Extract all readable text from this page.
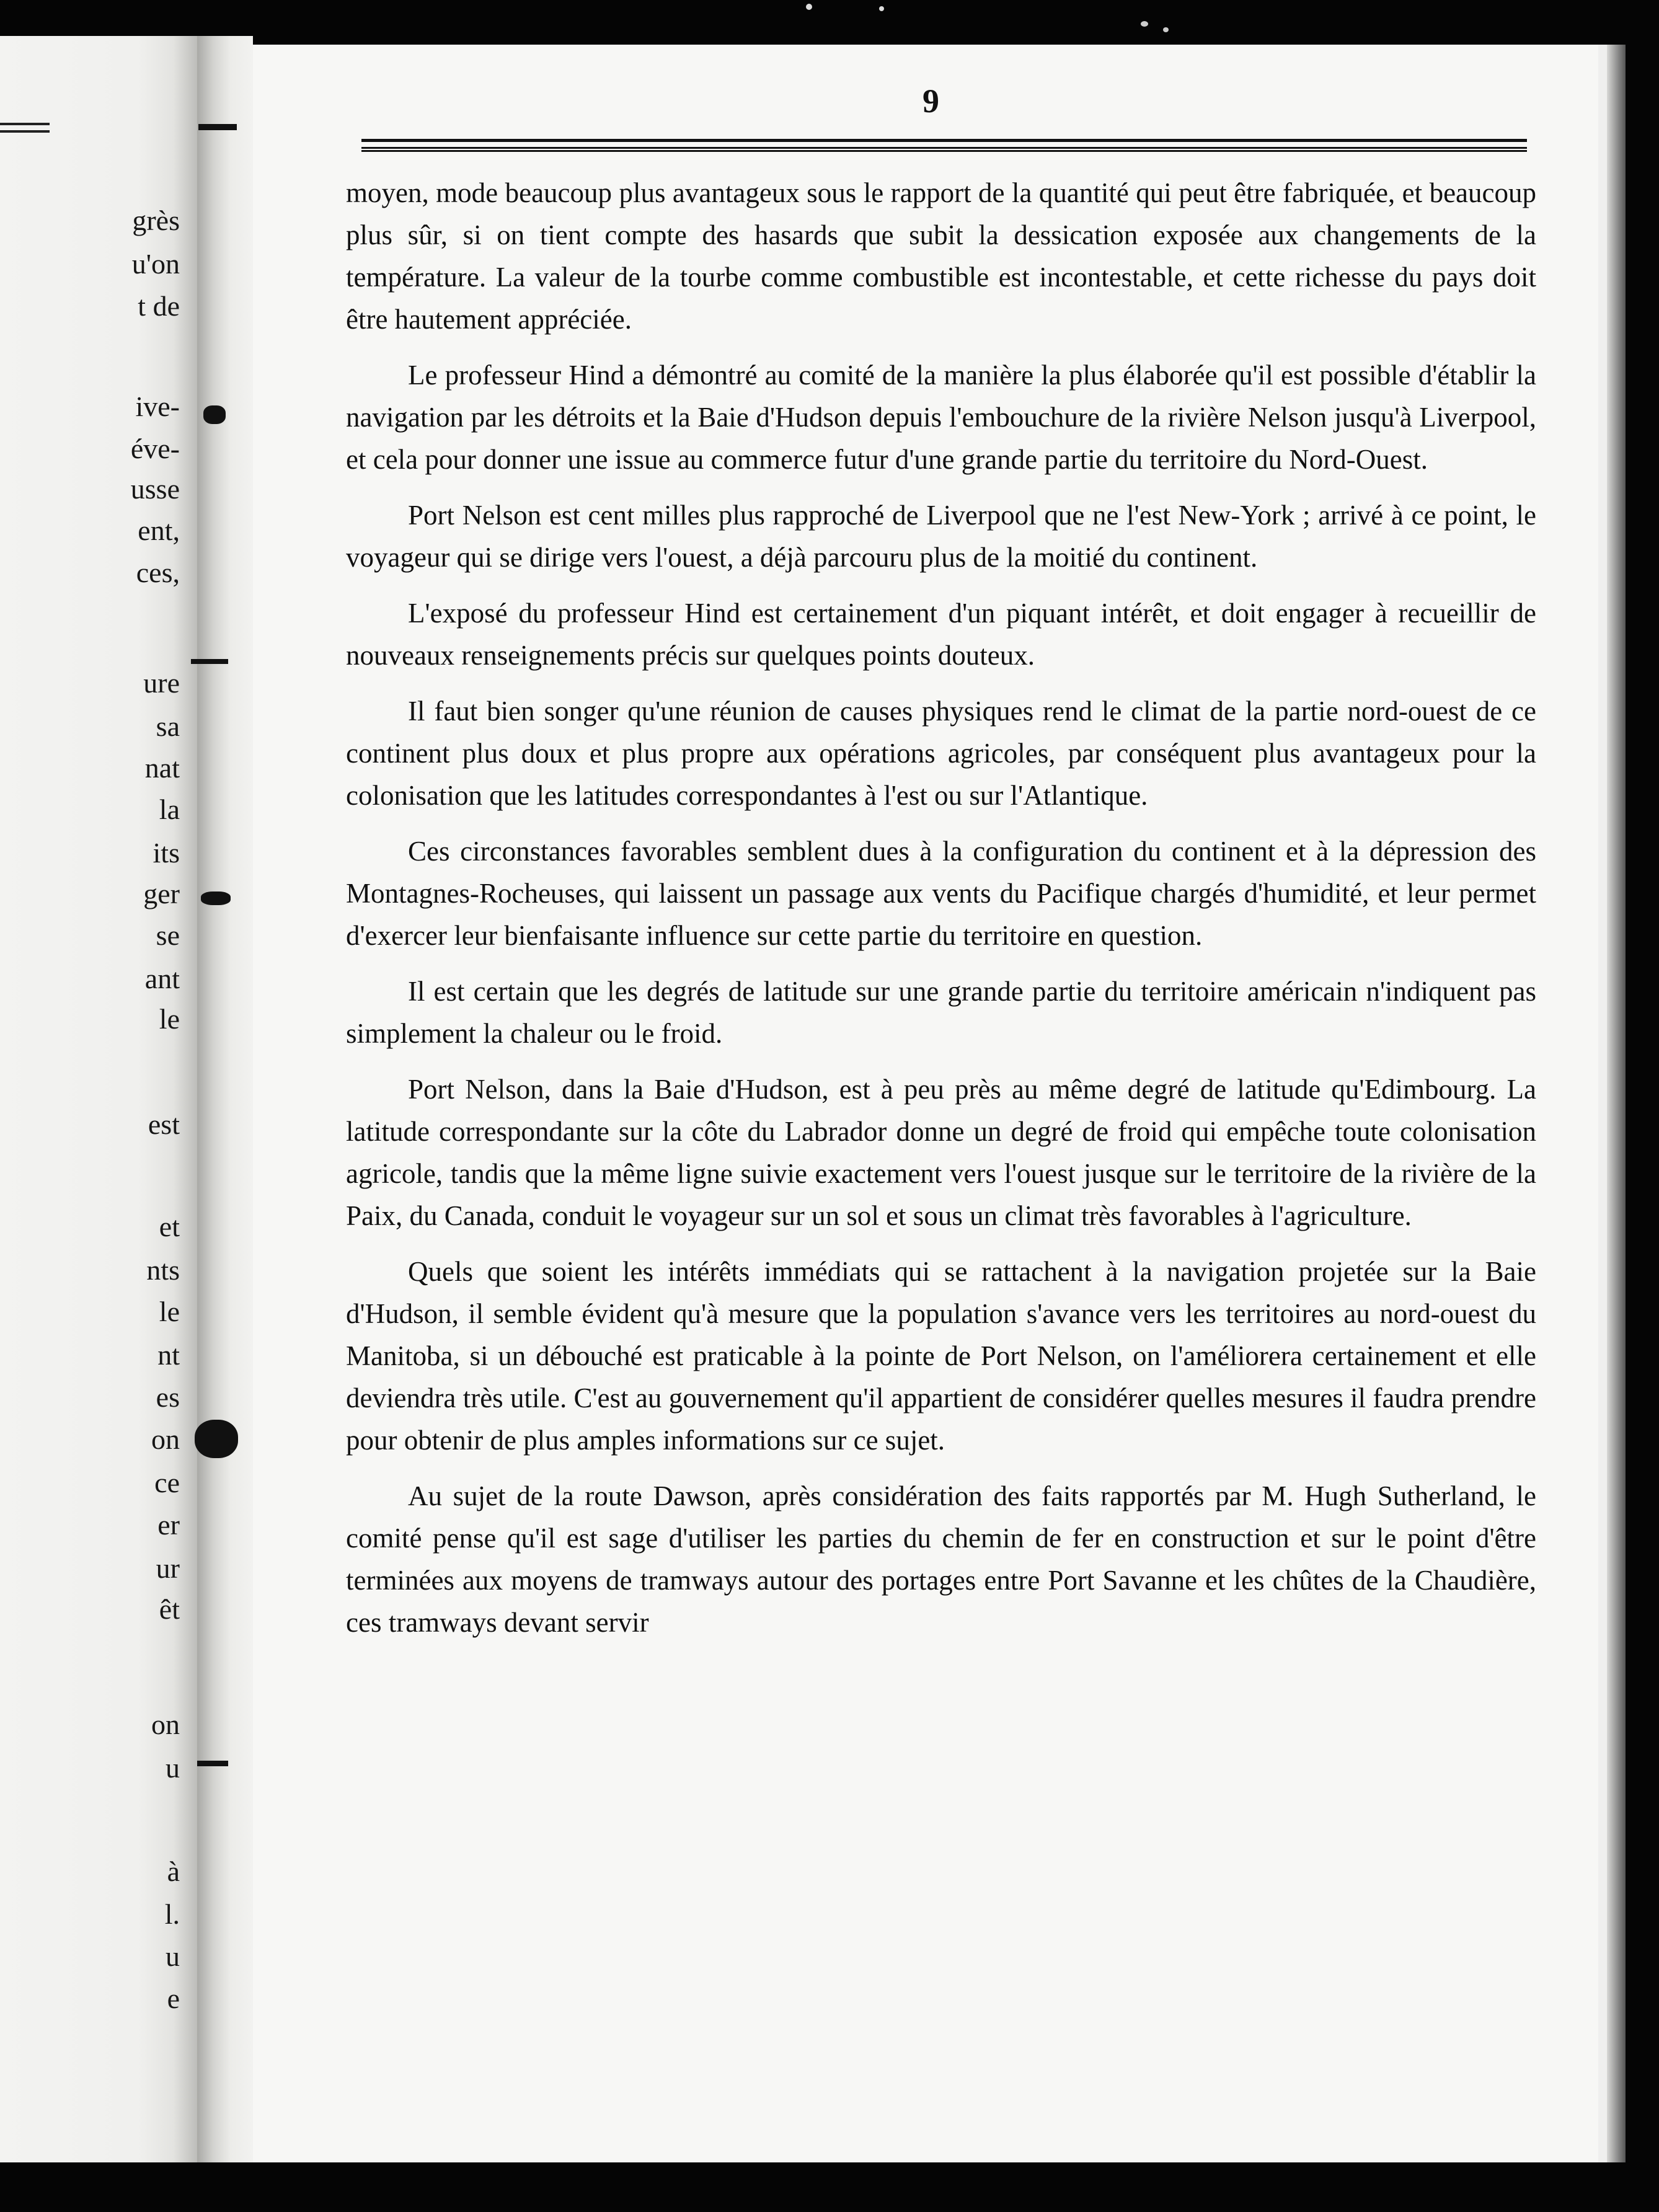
grès
u'on
t de
ive-
éve-
usse
ent,
ces,
ure
sa
nat
la
its
ger
se
ant
le
est
et
nts
le
nt
es
on
ce
er
ur
êt
on
u
à
l.
u
e
9

moyen, mode beaucoup plus avantageux sous le rapport de la quantité qui peut être fabriquée, et beaucoup plus sûr, si on tient compte des hasards que subit la dessication exposée aux changements de la température. La valeur de la tourbe comme combustible est incontestable, et cette richesse du pays doit être hautement appréciée.

Le professeur Hind a démontré au comité de la manière la plus élaborée qu'il est possible d'établir la navigation par les détroits et la Baie d'Hudson depuis l'embouchure de la rivière Nelson jusqu'à Liverpool, et cela pour donner une issue au commerce futur d'une grande partie du territoire du Nord-Ouest.

Port Nelson est cent milles plus rapproché de Liverpool que ne l'est New-York ; arrivé à ce point, le voyageur qui se dirige vers l'ouest, a déjà parcouru plus de la moitié du continent.

L'exposé du professeur Hind est certainement d'un piquant intérêt, et doit engager à recueillir de nouveaux renseignements précis sur quelques points douteux.

Il faut bien songer qu'une réunion de causes physiques rend le climat de la partie nord-ouest de ce continent plus doux et plus propre aux opérations agricoles, par conséquent plus avantageux pour la colonisation que les latitudes correspondantes à l'est ou sur l'Atlantique.

Ces circonstances favorables semblent dues à la configuration du continent et à la dépression des Montagnes-Rocheuses, qui laissent un passage aux vents du Pacifique chargés d'humidité, et leur permet d'exercer leur bienfaisante influence sur cette partie du territoire en question.

Il est certain que les degrés de latitude sur une grande partie du territoire américain n'indiquent pas simplement la chaleur ou le froid.

Port Nelson, dans la Baie d'Hudson, est à peu près au même degré de latitude qu'Edimbourg. La latitude correspondante sur la côte du Labrador donne un degré de froid qui empêche toute colonisation agricole, tandis que la même ligne suivie exactement vers l'ouest jusque sur le territoire de la rivière de la Paix, du Canada, conduit le voyageur sur un sol et sous un climat très favorables à l'agriculture.

Quels que soient les intérêts immédiats qui se rattachent à la navigation projetée sur la Baie d'Hudson, il semble évident qu'à mesure que la population s'avance vers les territoires au nord-ouest du Manitoba, si un débouché est praticable à la pointe de Port Nelson, on l'améliorera certainement et elle deviendra très utile. C'est au gouvernement qu'il appartient de considérer quelles mesures il faudra prendre pour obtenir de plus amples informations sur ce sujet.

Au sujet de la route Dawson, après considération des faits rapportés par M. Hugh Sutherland, le comité pense qu'il est sage d'utiliser les parties du chemin de fer en construction et sur le point d'être terminées aux moyens de tramways autour des portages entre Port Savanne et les chûtes de la Chaudière, ces tramways devant servir
